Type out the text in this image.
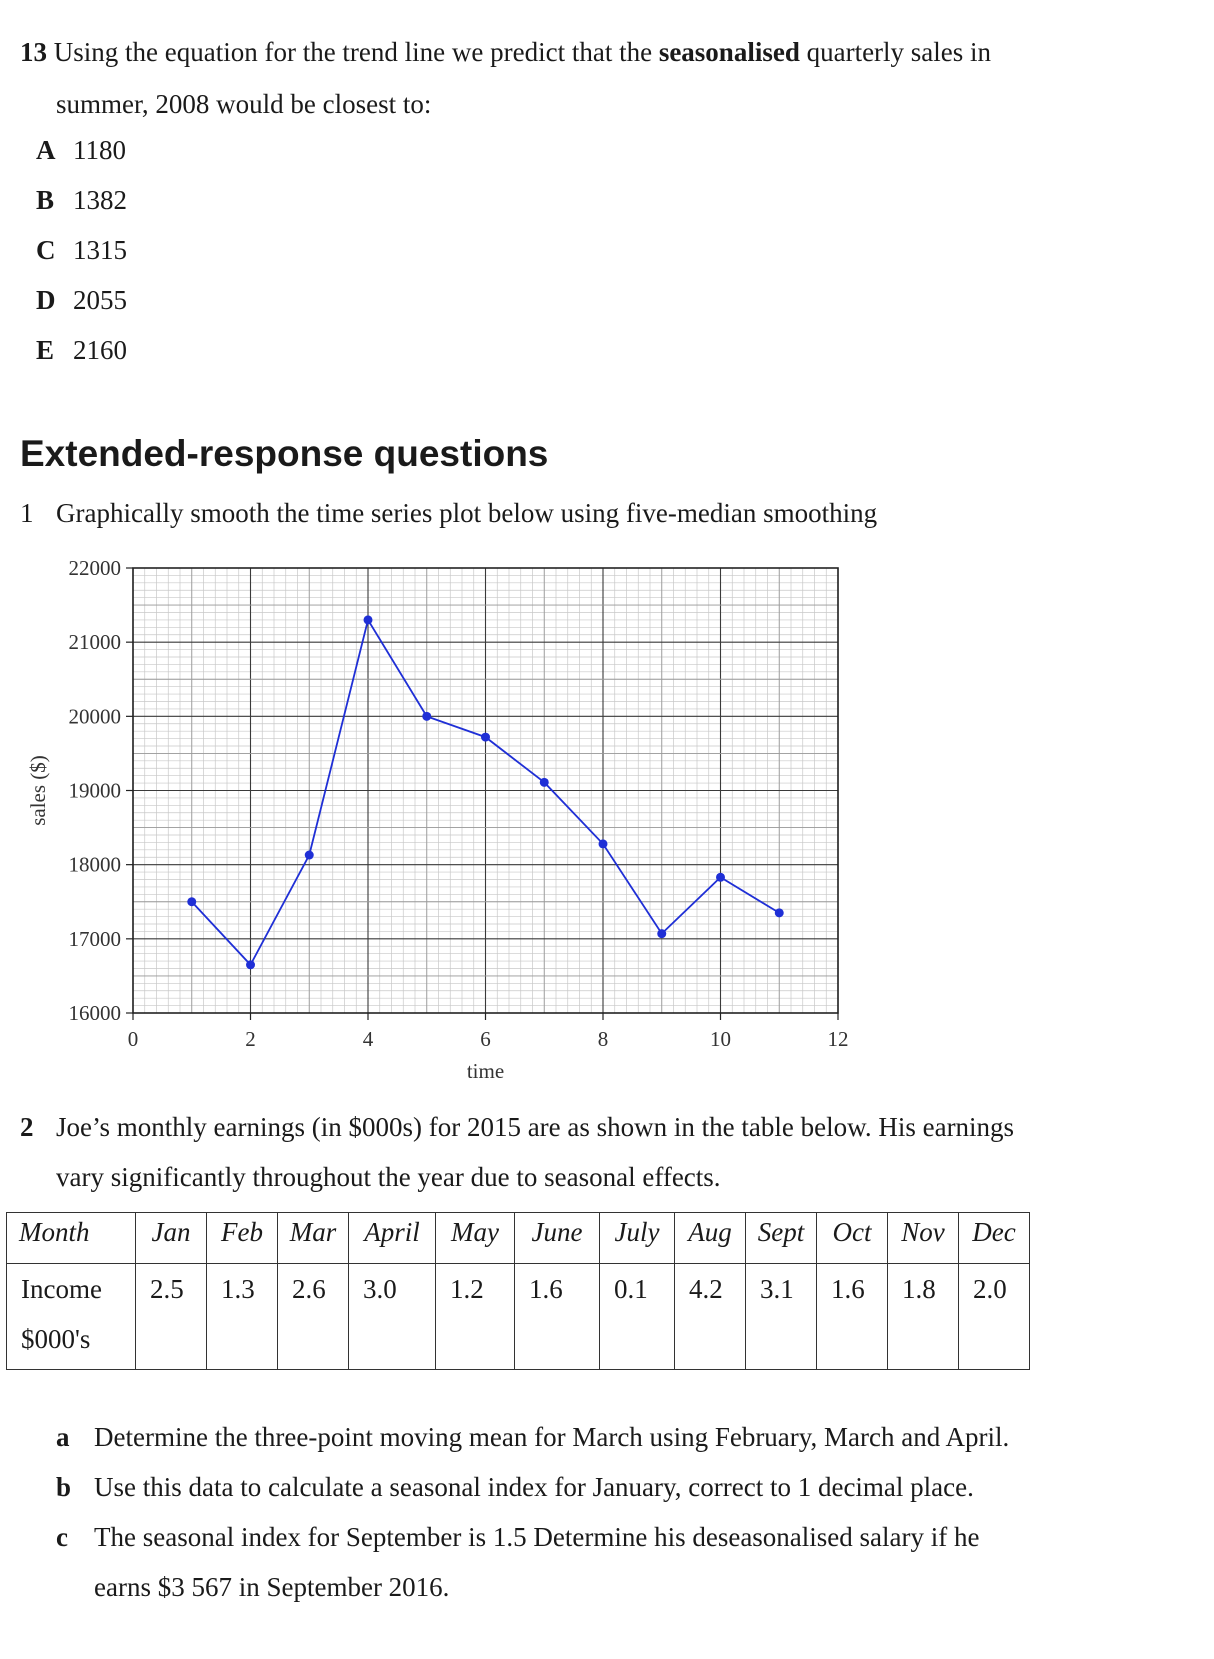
13 Using the equation for the trend line we predict that the seasonalised quarterly sales in
summer, 2008 would be closest to:
A 1180
B 1382
C 1315
D 2055
E 2160
Extended-response questions
1 Graphically smooth the time series plot below using five-median smoothing
0	2	4	6	8	10	12
16000
17000
18000
19000
20000
21000
22000
time
sales ($)
2 Joe’s monthly earnings (in $000s) for 2015 are as shown in the table below. His earnings
vary significantly throughout the year due to seasonal effects.
Month	Jan	Feb	Mar	April	May	June	July	Aug	Sept	Oct	Nov	Dec
Income
$000's	2.5	1.3	2.6	3.0	1.2	1.6	0.1	4.2	3.1	1.6	1.8	2.0
a Determine the three-point moving mean for March using February, March and April.
b Use this data to calculate a seasonal index for January, correct to 1 decimal place.
c The seasonal index for September is 1.5 Determine his deseasonalised salary if he
earns $3 567 in September 2016.
